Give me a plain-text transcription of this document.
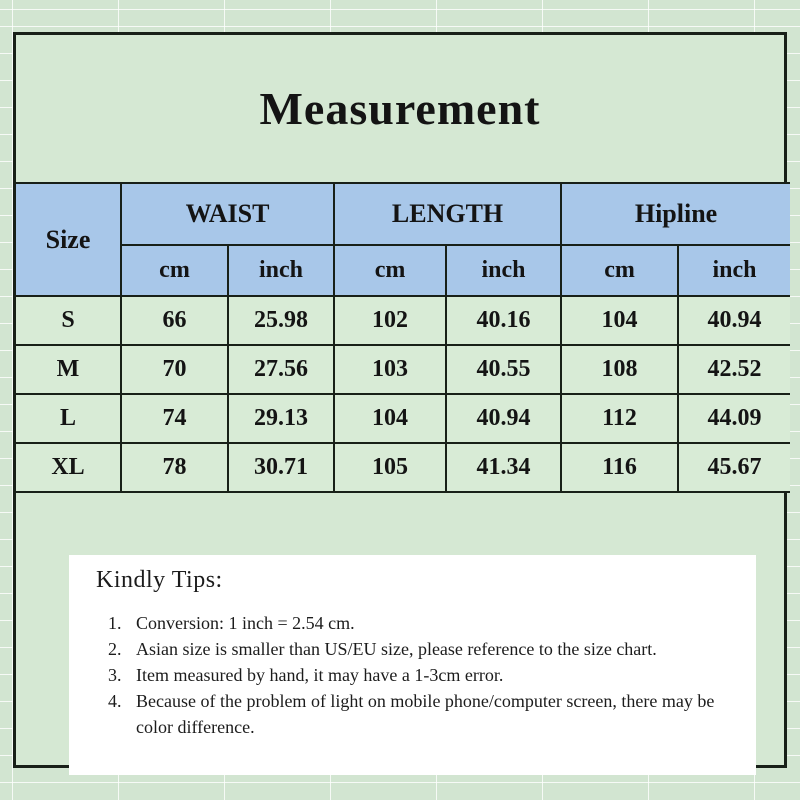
Measurement
Size	WAIST		LENGTH		Hipline	
	cm	inch	cm	inch	cm	inch
S	66	25.98	102	40.16	104	40.94
M	70	27.56	103	40.55	108	42.52
L	74	29.13	104	40.94	112	44.09
XL	78	30.71	105	41.34	116	45.67
Kindly Tips:
1. Conversion: 1 inch = 2.54 cm.
2. Asian size is smaller than US/EU size, please reference to the size chart.
3. Item measured by hand, it may have a 1-3cm error.
4. Because of the problem of light on mobile phone/computer screen, there may be color difference.
